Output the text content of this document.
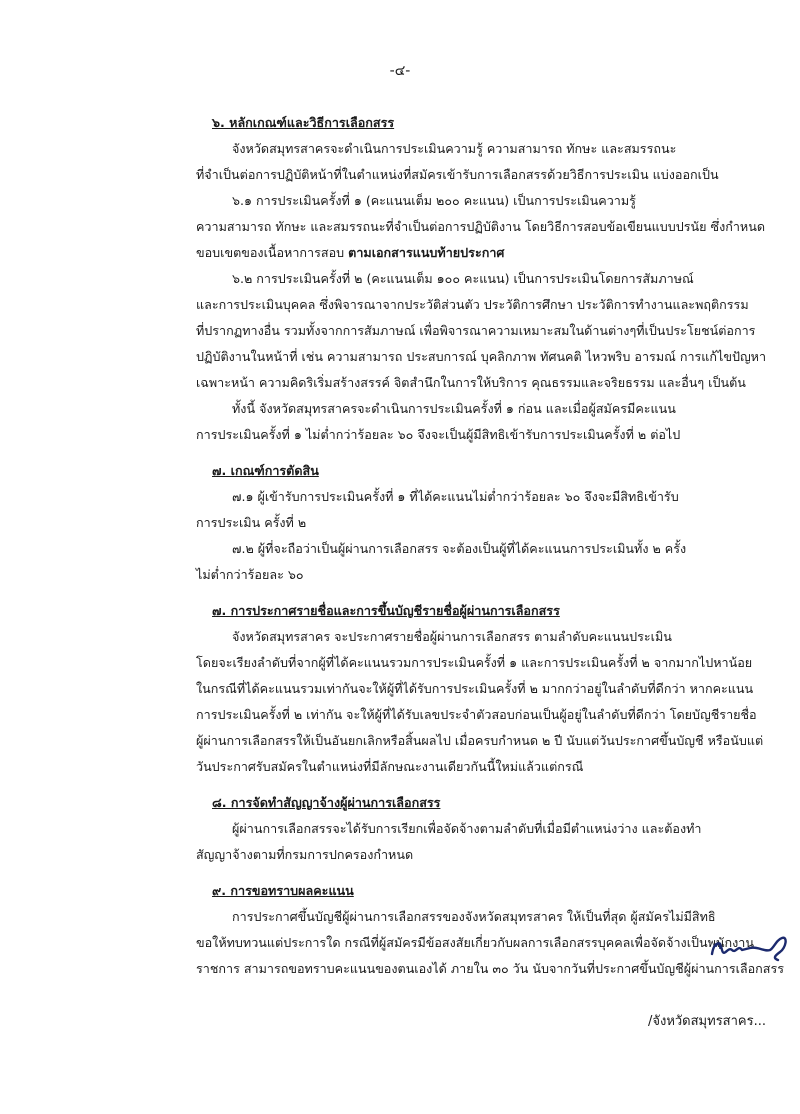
-๔-

๖. หลักเกณฑ์และวิธีการเลือกสรร

จังหวัดสมุทรสาครจะดำเนินการประเมินความรู้ ความสามารถ ทักษะ และสมรรถนะ

ที่จำเป็นต่อการปฏิบัติหน้าที่ในตำแหน่งที่สมัครเข้ารับการเลือกสรรด้วยวิธีการประเมิน แบ่งออกเป็น

๖.๑ การประเมินครั้งที่ ๑ (คะแนนเต็ม ๒๐๐ คะแนน) เป็นการประเมินความรู้

ความสามารถ ทักษะ และสมรรถนะที่จำเป็นต่อการปฏิบัติงาน โดยวิธีการสอบข้อเขียนแบบปรนัย ซึ่งกำหนด

ขอบเขตของเนื้อหาการสอบ ตามเอกสารแนบท้ายประกาศ

๖.๒ การประเมินครั้งที่ ๒ (คะแนนเต็ม ๑๐๐ คะแนน) เป็นการประเมินโดยการสัมภาษณ์

และการประเมินบุคคล ซึ่งพิจารณาจากประวัติส่วนตัว ประวัติการศึกษา ประวัติการทำงานและพฤติกรรม

ที่ปรากฏทางอื่น รวมทั้งจากการสัมภาษณ์ เพื่อพิจารณาความเหมาะสมในด้านต่างๆที่เป็นประโยชน์ต่อการ

ปฏิบัติงานในหน้าที่ เช่น ความสามารถ ประสบการณ์ บุคลิกภาพ ทัศนคติ ไหวพริบ อารมณ์ การแก้ไขปัญหา

เฉพาะหน้า ความคิดริเริ่มสร้างสรรค์ จิตสำนึกในการให้บริการ คุณธรรมและจริยธรรม และอื่นๆ เป็นต้น

ทั้งนี้ จังหวัดสมุทรสาครจะดำเนินการประเมินครั้งที่ ๑ ก่อน และเมื่อผู้สมัครมีคะแนน

การประเมินครั้งที่ ๑ ไม่ต่ำกว่าร้อยละ ๖๐ จึงจะเป็นผู้มีสิทธิเข้ารับการประเมินครั้งที่ ๒ ต่อไป

๗. เกณฑ์การตัดสิน

๗.๑ ผู้เข้ารับการประเมินครั้งที่ ๑ ที่ได้คะแนนไม่ต่ำกว่าร้อยละ ๖๐ จึงจะมีสิทธิเข้ารับ

การประเมิน ครั้งที่ ๒

๗.๒ ผู้ที่จะถือว่าเป็นผู้ผ่านการเลือกสรร จะต้องเป็นผู้ที่ได้คะแนนการประเมินทั้ง ๒ ครั้ง

ไม่ต่ำกว่าร้อยละ ๖๐

๗. การประกาศรายชื่อและการขึ้นบัญชีรายชื่อผู้ผ่านการเลือกสรร

จังหวัดสมุทรสาคร จะประกาศรายชื่อผู้ผ่านการเลือกสรร ตามลำดับคะแนนประเมิน

โดยจะเรียงลำดับที่จากผู้ที่ได้คะแนนรวมการประเมินครั้งที่ ๑ และการประเมินครั้งที่ ๒ จากมากไปหาน้อย

ในกรณีที่ได้คะแนนรวมเท่ากันจะให้ผู้ที่ได้รับการประเมินครั้งที่ ๒ มากกว่าอยู่ในลำดับที่ดีกว่า หากคะแนน

การประเมินครั้งที่ ๒ เท่ากัน จะให้ผู้ที่ได้รับเลขประจำตัวสอบก่อนเป็นผู้อยู่ในลำดับที่ดีกว่า โดยบัญชีรายชื่อ

ผู้ผ่านการเลือกสรรให้เป็นอันยกเลิกหรือสิ้นผลไป เมื่อครบกำหนด ๒ ปี นับแต่วันประกาศขึ้นบัญชี หรือนับแต่

วันประกาศรับสมัครในตำแหน่งที่มีลักษณะงานเดียวกันนี้ใหม่แล้วแต่กรณี

๘. การจัดทำสัญญาจ้างผู้ผ่านการเลือกสรร

ผู้ผ่านการเลือกสรรจะได้รับการเรียกเพื่อจัดจ้างตามลำดับที่เมื่อมีตำแหน่งว่าง และต้องทำ

สัญญาจ้างตามที่กรมการปกครองกำหนด

๙. การขอทราบผลคะแนน

การประกาศขึ้นบัญชีผู้ผ่านการเลือกสรรของจังหวัดสมุทรสาคร ให้เป็นที่สุด ผู้สมัครไม่มีสิทธิ

ขอให้ทบทวนแต่ประการใด กรณีที่ผู้สมัครมีข้อสงสัยเกี่ยวกับผลการเลือกสรรบุคคลเพื่อจัดจ้างเป็นพนักงาน

ราชการ สามารถขอทราบคะแนนของตนเองได้ ภายใน ๓๐ วัน นับจากวันที่ประกาศขึ้นบัญชีผู้ผ่านการเลือกสรร

/จังหวัดสมุทรสาคร...
